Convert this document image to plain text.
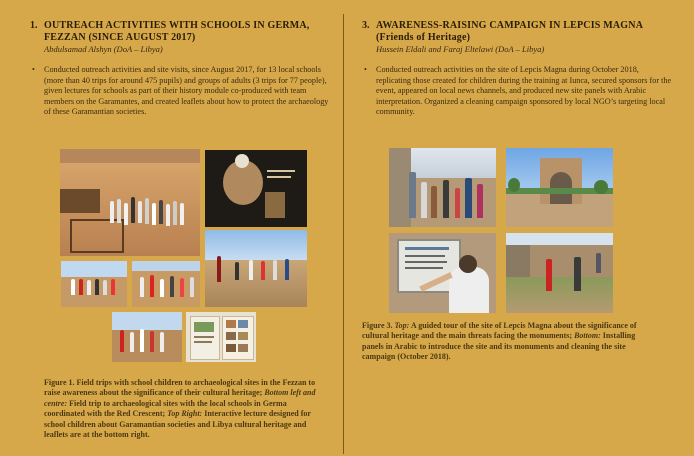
1. OUTREACH ACTIVITIES WITH SCHOOLS IN GERMA,
FEZZAN (SINCE AUGUST 2017)
Abdulsamad Alshyn (DoA – Libya)
•	Conducted outreach activities and site visits, since August 2017, for 13 local schools (more than 40 trips for around 475 pupils) and groups of adults (3 trips for 77 people), given lectures for schools as part of their history module co-produced with team members on the Garamantes, and created leaflets about how to protect the archaeology of these Garamantian societies.
Figure 1. Field trips with school children to archaeological sites in the Fezzan to raise awareness about the significance of their cultural heritage; Bottom left and centre: Field trip to archaeological sites with the local schools in Germa coordinated with the Red Crescent; Top Right: Interactive lecture designed for school children about Garamantian societies and Libya cultural heritage and leaflets are at the bottom right.
3. AWARENESS-RAISING CAMPAIGN IN LEPCIS MAGNA
(Friends of Heritage)
Hussein Eldali and Faraj Eltelawi (DoA – Libya)
•	Conducted outreach activities on the site of Lepcis Magna during October 2018, replicating those created for children during the training at Iunca, secured sponsors for the event, appeared on local news channels, and produced new site panels with Arabic interpretation. Organized a cleaning campaign sponsored by local NGO’s targeting local community.
Figure 3. Top: A guided tour of the site of Lepcis Magna about the significance of cultural heritage and the main threats facing the monuments; Bottom: Installing panels in Arabic to introduce the site and its monuments and cleaning the site campaign (October 2018).
